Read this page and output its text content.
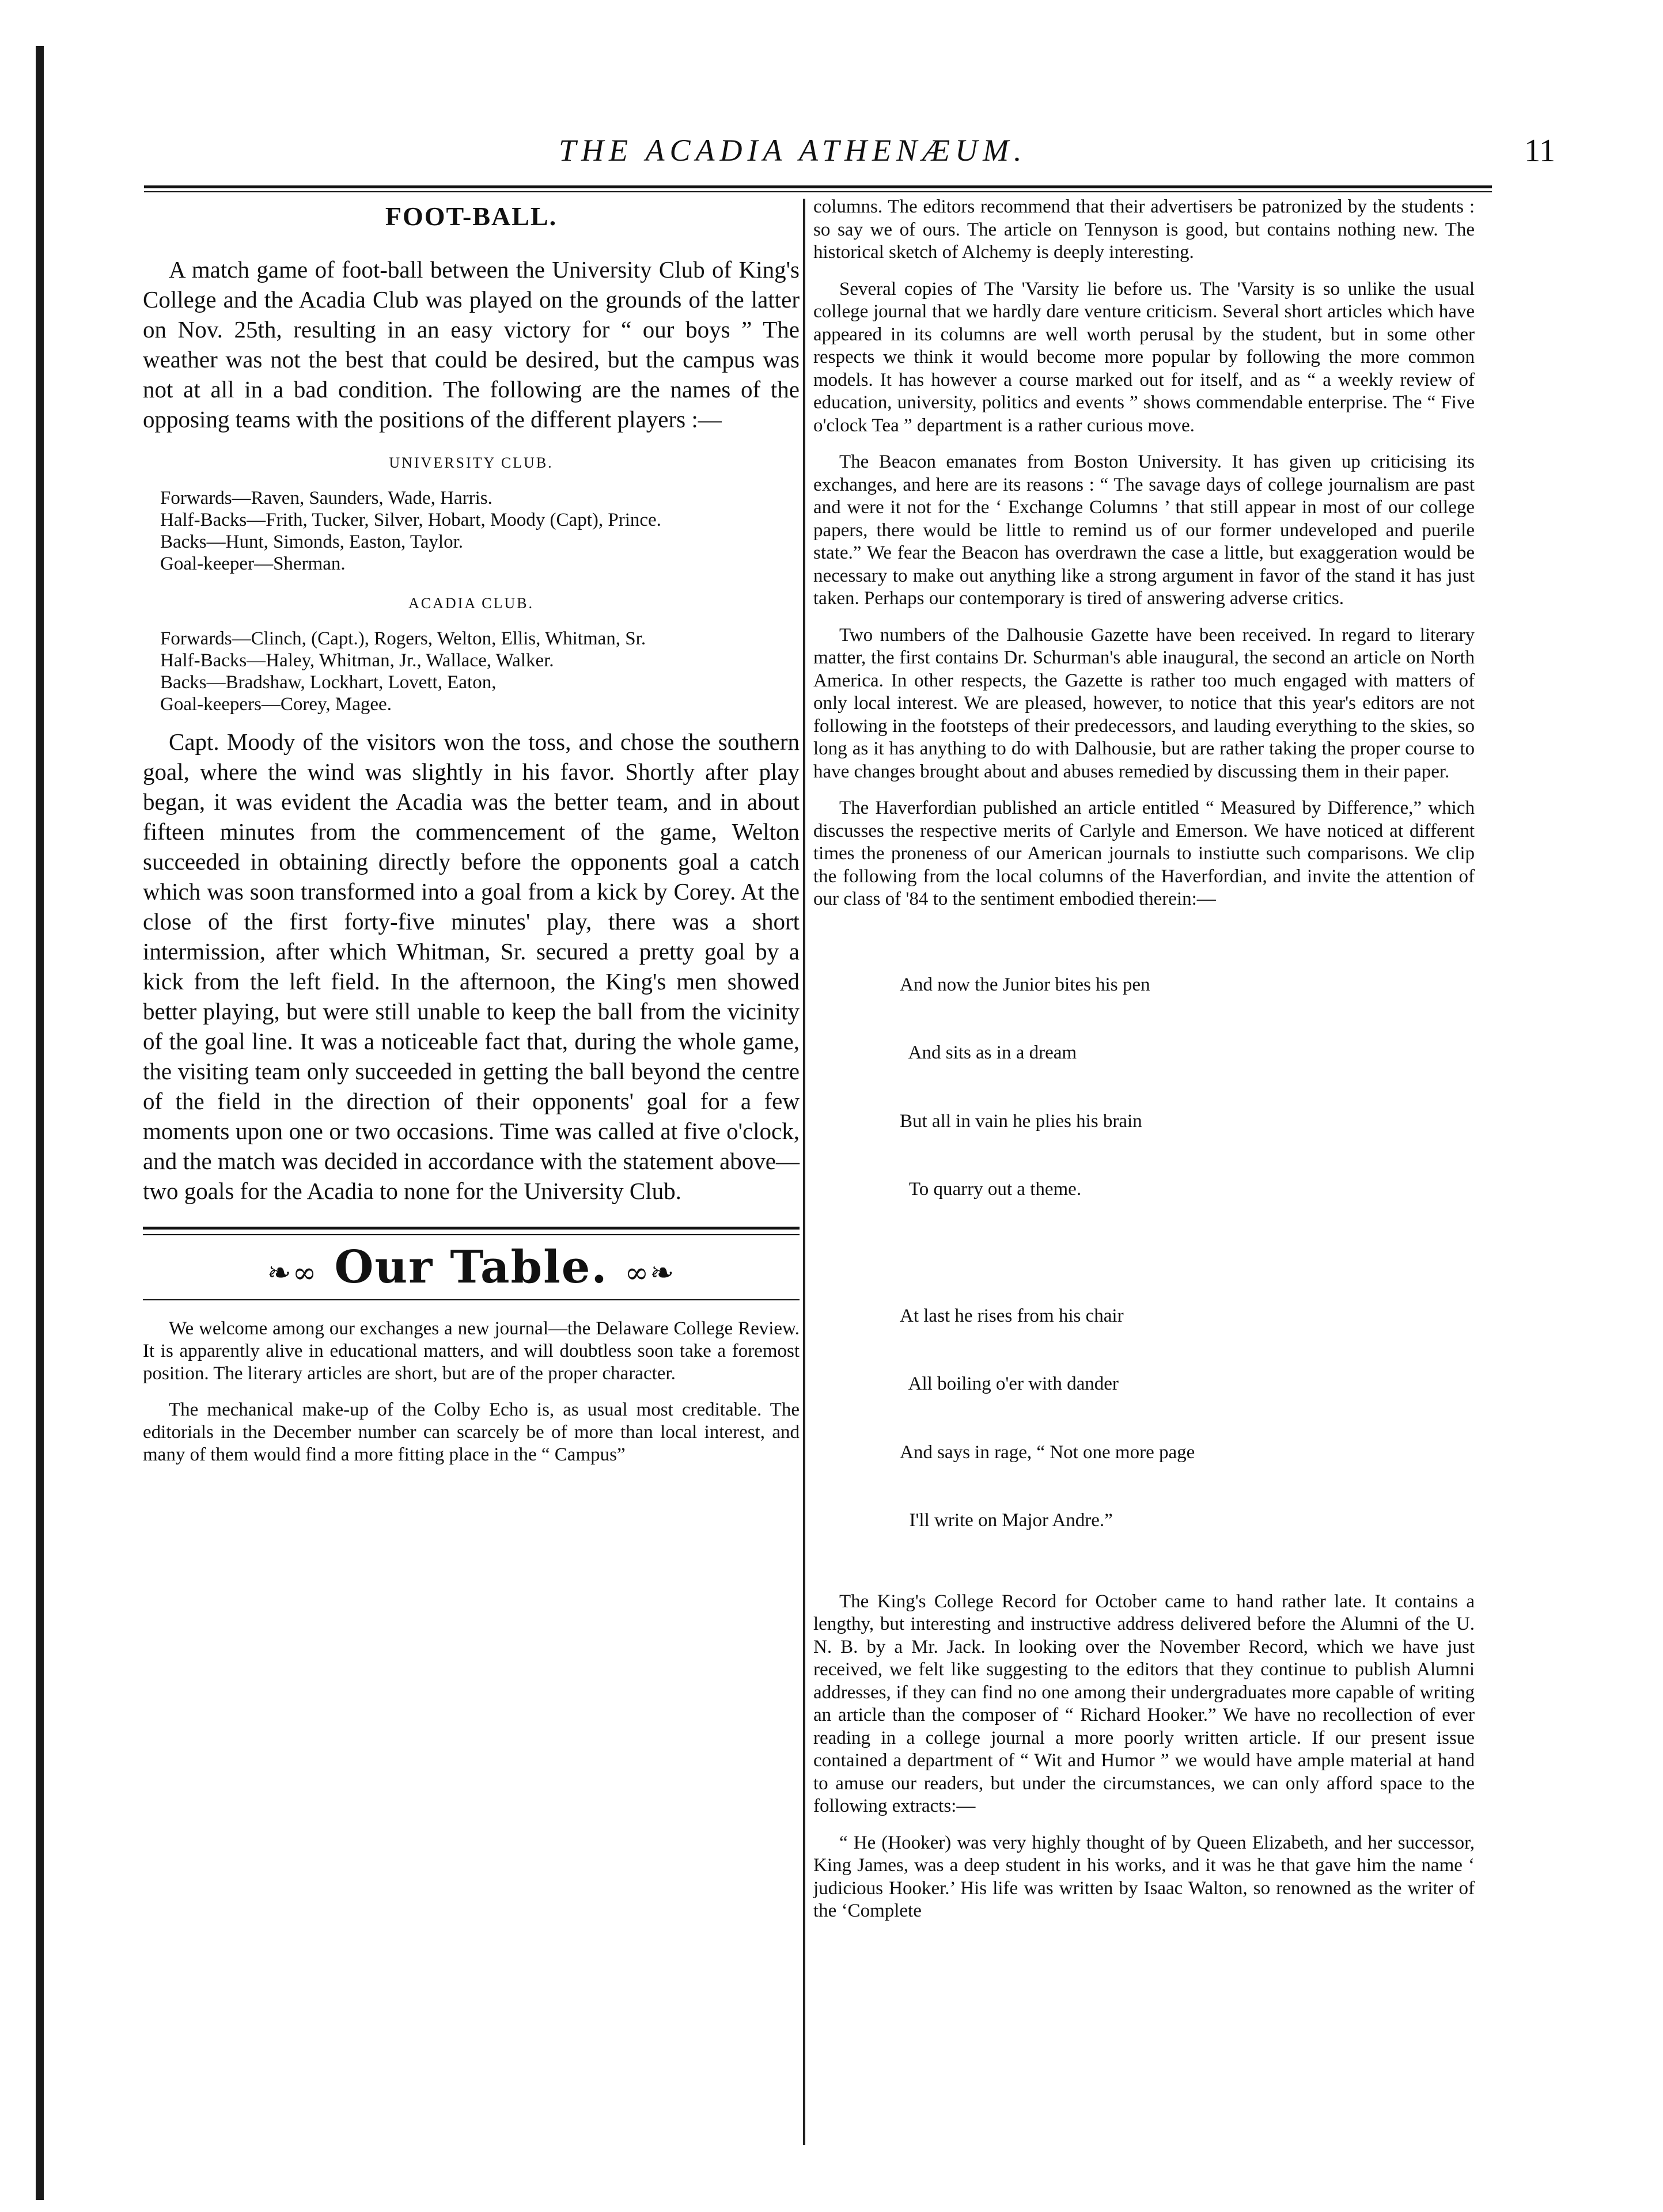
THE ACADIA ATHENÆUM.	11
FOOT-BALL.

A match game of foot-ball between the University Club of King's College and the Acadia Club was played on the grounds of the latter on Nov. 25th, resulting in an easy victory for “ our boys ” The weather was not the best that could be desired, but the campus was not at all in a bad condition. The following are the names of the opposing teams with the positions of the different players :—

UNIVERSITY CLUB.

Forwards—Raven, Saunders, Wade, Harris.

Half-Backs—Frith, Tucker, Silver, Hobart, Moody (Capt), Prince.

Backs—Hunt, Simonds, Easton, Taylor.

Goal-keeper—Sherman.

ACADIA CLUB.

Forwards—Clinch, (Capt.), Rogers, Welton, Ellis, Whitman, Sr.

Half-Backs—Haley, Whitman, Jr., Wallace, Walker.

Backs—Bradshaw, Lockhart, Lovett, Eaton,

Goal-keepers—Corey, Magee.

Capt. Moody of the visitors won the toss, and chose the southern goal, where the wind was slightly in his favor. Shortly after play began, it was evident the Acadia was the better team, and in about fifteen minutes from the commencement of the game, Welton succeeded in obtaining directly before the opponents goal a catch which was soon transformed into a goal from a kick by Corey. At the close of the first forty-five minutes' play, there was a short intermission, after which Whitman, Sr. secured a pretty goal by a kick from the left field. In the afternoon, the King's men showed better playing, but were still unable to keep the ball from the vicinity of the goal line. It was a noticeable fact that, during the whole game, the visiting team only succeeded in getting the ball beyond the centre of the field in the direction of their opponents' goal for a few moments upon one or two occasions. Time was called at five o'clock, and the match was decided in accordance with the statement above—two goals for the Acadia to none for the University Club.

❧∞ Our Table. ∞❧

We welcome among our exchanges a new journal—the Delaware College Review. It is apparently alive in educational matters, and will doubtless soon take a foremost position. The literary articles are short, but are of the proper character.

The mechanical make-up of the Colby Echo is, as usual most creditable. The editorials in the December number can scarcely be of more than local interest, and many of them would find a more fitting place in the “ Campus”

columns. The editors recommend that their advertisers be patronized by the students : so say we of ours. The article on Tennyson is good, but contains nothing new. The historical sketch of Alchemy is deeply interesting.

Several copies of The 'Varsity lie before us. The 'Varsity is so unlike the usual college journal that we hardly dare venture criticism. Several short articles which have appeared in its columns are well worth perusal by the student, but in some other respects we think it would become more popular by following the more common models. It has however a course marked out for itself, and as “ a weekly review of education, university, politics and events ” shows commendable enterprise. The “ Five o'clock Tea ” department is a rather curious move.

The Beacon emanates from Boston University. It has given up criticising its exchanges, and here are its reasons : “ The savage days of college journalism are past and were it not for the ‘ Exchange Columns ’ that still appear in most of our college papers, there would be little to remind us of our former undeveloped and puerile state.” We fear the Beacon has overdrawn the case a little, but exaggeration would be necessary to make out anything like a strong argument in favor of the stand it has just taken. Perhaps our contemporary is tired of answering adverse critics.

Two numbers of the Dalhousie Gazette have been received. In regard to literary matter, the first contains Dr. Schurman's able inaugural, the second an article on North America. In other respects, the Gazette is rather too much engaged with matters of only local interest. We are pleased, however, to notice that this year's editors are not following in the footsteps of their predecessors, and lauding everything to the skies, so long as it has anything to do with Dalhousie, but are rather taking the proper course to have changes brought about and abuses remedied by discussing them in their paper.

The Haverfordian published an article entitled “ Measured by Difference,” which discusses the respective merits of Carlyle and Emerson. We have noticed at different times the proneness of our American journals to instiutte such comparisons. We clip the following from the local columns of the Haverfordian, and invite the attention of our class of '84 to the sentiment embodied therein:—

And now the Junior bites his pen

And sits as in a dream

But all in vain he plies his brain

To quarry out a theme.

At last he rises from his chair

All boiling o'er with dander

And says in rage, “ Not one more page

I'll write on Major Andre.”

The King's College Record for October came to hand rather late. It contains a lengthy, but interesting and instructive address delivered before the Alumni of the U. N. B. by a Mr. Jack. In looking over the November Record, which we have just received, we felt like suggesting to the editors that they continue to publish Alumni addresses, if they can find no one among their undergraduates more capable of writing an article than the composer of “ Richard Hooker.” We have no recollection of ever reading in a college journal a more poorly written article. If our present issue contained a department of “ Wit and Humor ” we would have ample material at hand to amuse our readers, but under the circumstances, we can only afford space to the following extracts:—

“ He (Hooker) was very highly thought of by Queen Elizabeth, and her successor, King James, was a deep student in his works, and it was he that gave him the name ‘ judicious Hooker.’ His life was written by Isaac Walton, so renowned as the writer of the ‘Complete
